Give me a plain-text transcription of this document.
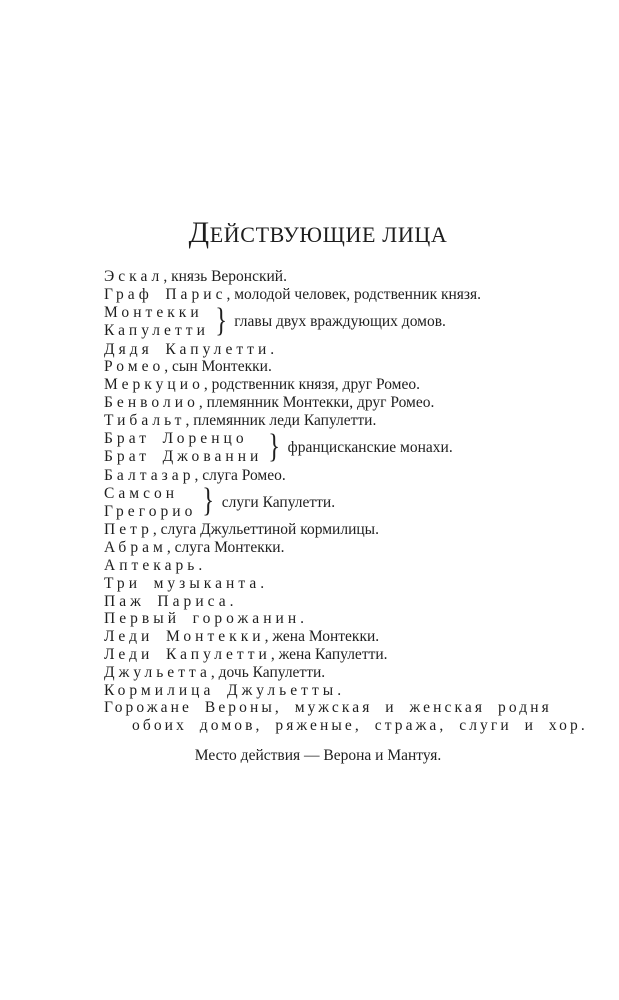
ДЕЙСТВУЮЩИЕ ЛИЦА

Эскал, князь Веронский.

Граф Парис, молодой человек, родственник князя.

Монтекки
Капулетти } главы двух враждующих домов.

Дядя Капулетти.

Ромео, сын Монтекки.

Меркуцио, родственник князя, друг Ромео.

Бенволио, племянник Монтекки, друг Ромео.

Тибальт, племянник леди Капулетти.

Брат Лоренцо
Брат Джованни } францисканские монахи.

Балтазар, слуга Ромео.

Самсон
Грегорио } слуги Капулетти.

Петр, слуга Джульеттиной кормилицы.

Абрам, слуга Монтекки.

Аптекарь.

Три музыканта.

Паж Париса.

Первый горожанин.

Леди Монтекки, жена Монтекки.

Леди Капулетти, жена Капулетти.

Джульетта, дочь Капулетти.

Кормилица Джульетты.

Горожане Вероны, мужская и женская родня
обоих домов, ряженые, стража, слуги и хор.

Место действия — Верона и Мантуя.
